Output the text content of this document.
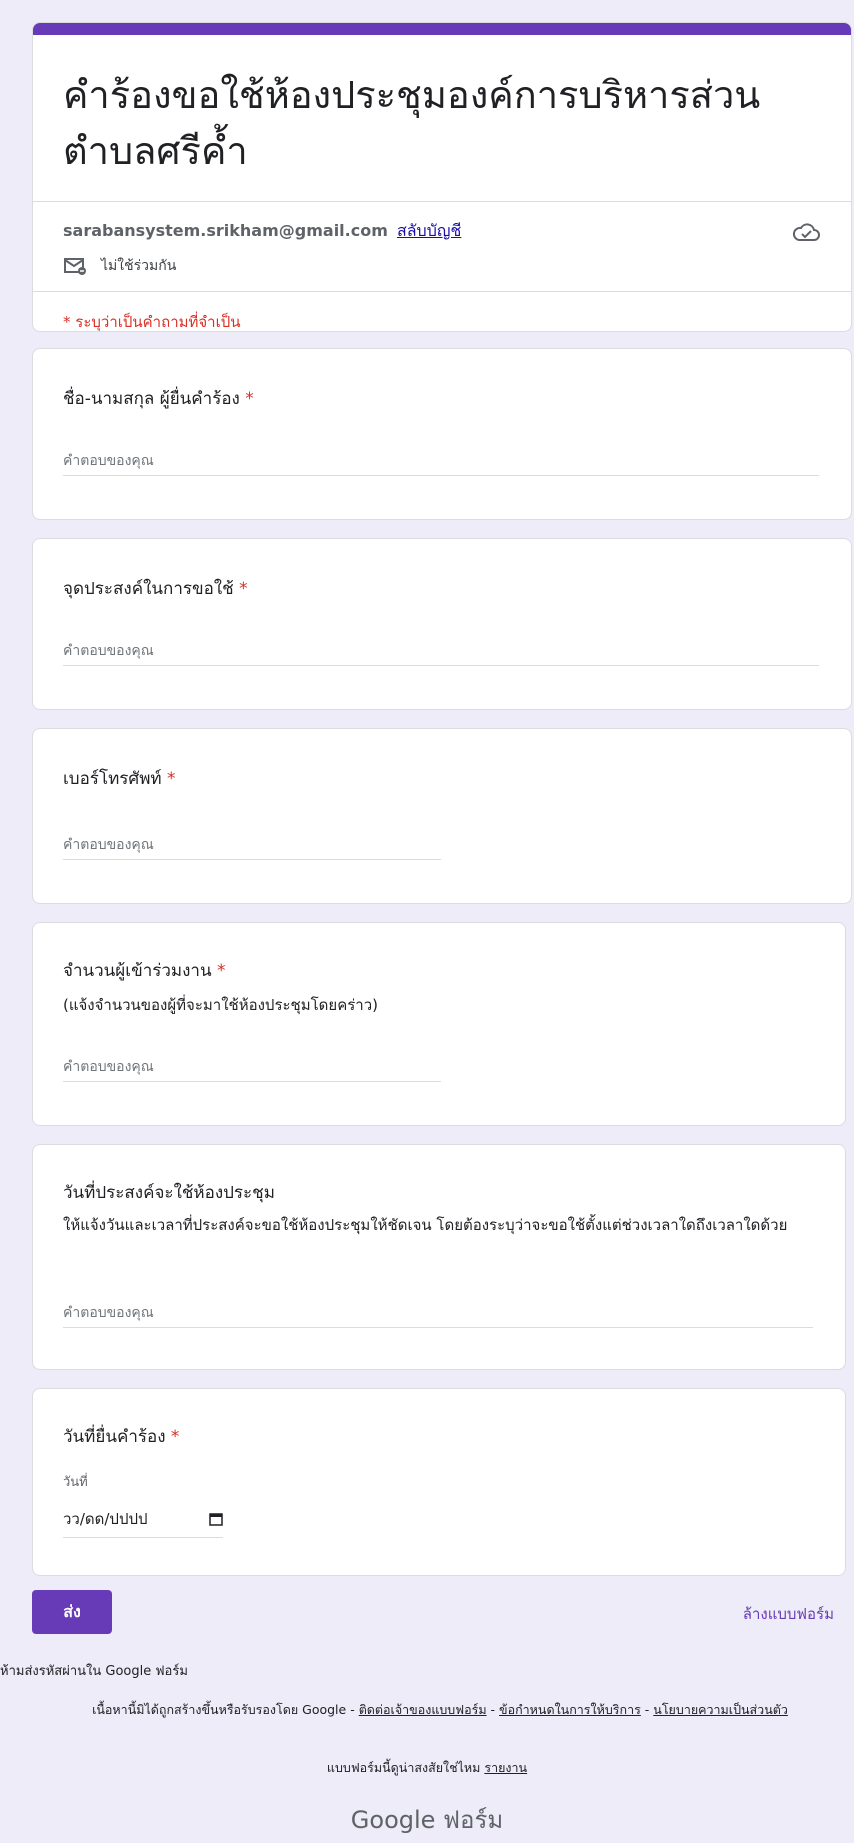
คำร้องขอใช้ห้องประชุมองค์การบริหารส่วนตำบลศรีค้ำ
sarabansystem.srikham@gmail.com สลับบัญชี
ไม่ใช้ร่วมกัน
* ระบุว่าเป็นคำถามที่จำเป็น
ชื่อ-นามสกุล ผู้ยื่นคำร้อง *
คำตอบของคุณ
จุดประสงค์ในการขอใช้ *
คำตอบของคุณ
เบอร์โทรศัพท์ *
คำตอบของคุณ
จำนวนผู้เข้าร่วมงาน *
(แจ้งจำนวนของผู้ที่จะมาใช้ห้องประชุมโดยคร่าว)
คำตอบของคุณ
วันที่ประสงค์จะใช้ห้องประชุม
ให้แจ้งวันและเวลาที่ประสงค์จะขอใช้ห้องประชุมให้ชัดเจน โดยต้องระบุว่าจะขอใช้ตั้งแต่ช่วงเวลาใดถึงเวลาใดด้วย
คำตอบของคุณ
วันที่ยื่นคำร้อง *
วันที่
วว/ดด/ปปปป
ส่ง	ล้างแบบฟอร์ม
ห้ามส่งรหัสผ่านใน Google ฟอร์ม
เนื้อหานี้มิได้ถูกสร้างขึ้นหรือรับรองโดย Google - ติดต่อเจ้าของแบบฟอร์ม - ข้อกำหนดในการให้บริการ - นโยบายความเป็นส่วนตัว
แบบฟอร์มนี้ดูน่าสงสัยใช่ไหม รายงาน
Google ฟอร์ม
